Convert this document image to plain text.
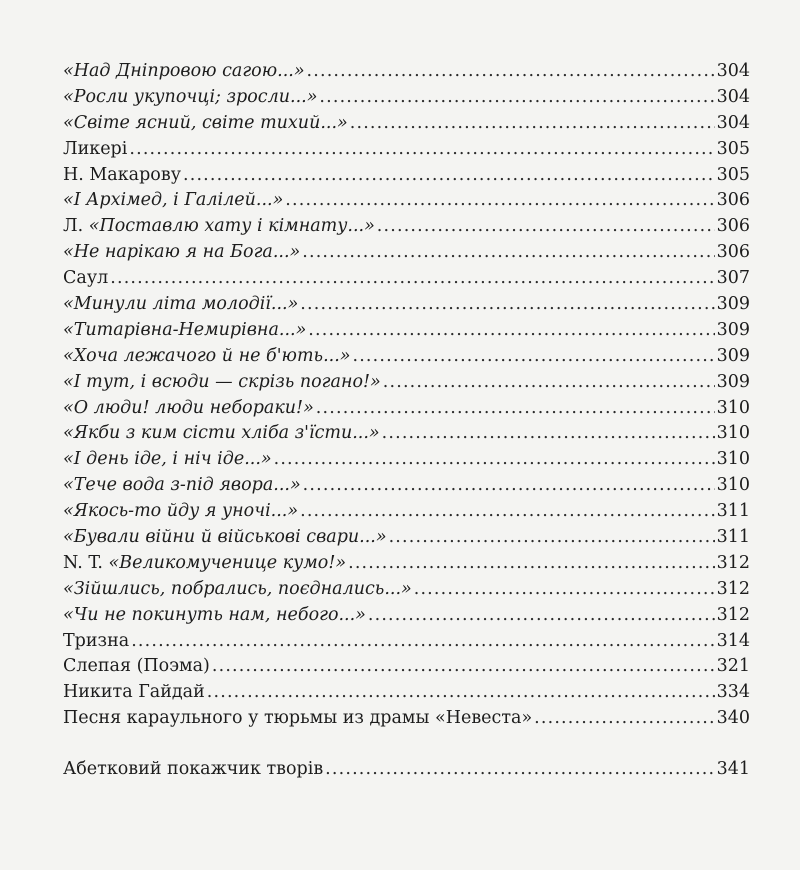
«Над Дніпровою сагою...» . . .	304
«Росли укупочці; зросли...» . . .	304
«Світе ясний, світе тихий...» . . .	304
Ликері . . .	305
Н. Макарову . . .	305
«І Архімед, і Галілей...» . . .	306
Л. «Поставлю хату і кімнату...» . . .	306
«Не нарікаю я на Бога...» . . .	306
Саул . . .	307
«Минули літа молодії...» . . .	309
«Титарівна-Немирівна...» . . .	309
«Хоча лежачого й не б'ють...» . . .	309
«І тут, і всюди — скрізь погано!» . . .	309
«О люди! люди небораки!» . . .	310
«Якби з ким сісти хліба з'їсти...» . . .	310
«І день іде, і ніч іде...» . . .	310
«Тече вода з-під явора...» . . .	310
«Якось-то йду я уночі...» . . .	311
«Бували війни й військові свари...» . . .	311
N. T. «Великомученице кумо!» . . .	312
«Зійшлись, побрались, поєднались...» . . .	312
«Чи не покинуть нам, небого...» . . .	312
Тризна . . .	314
Слепая (Поэма) . . .	321
Никита Гайдай . . .	334
Песня караульного у тюрьмы из драмы «Невеста» . . .	340
Абетковий покажчик творів . . .	341
